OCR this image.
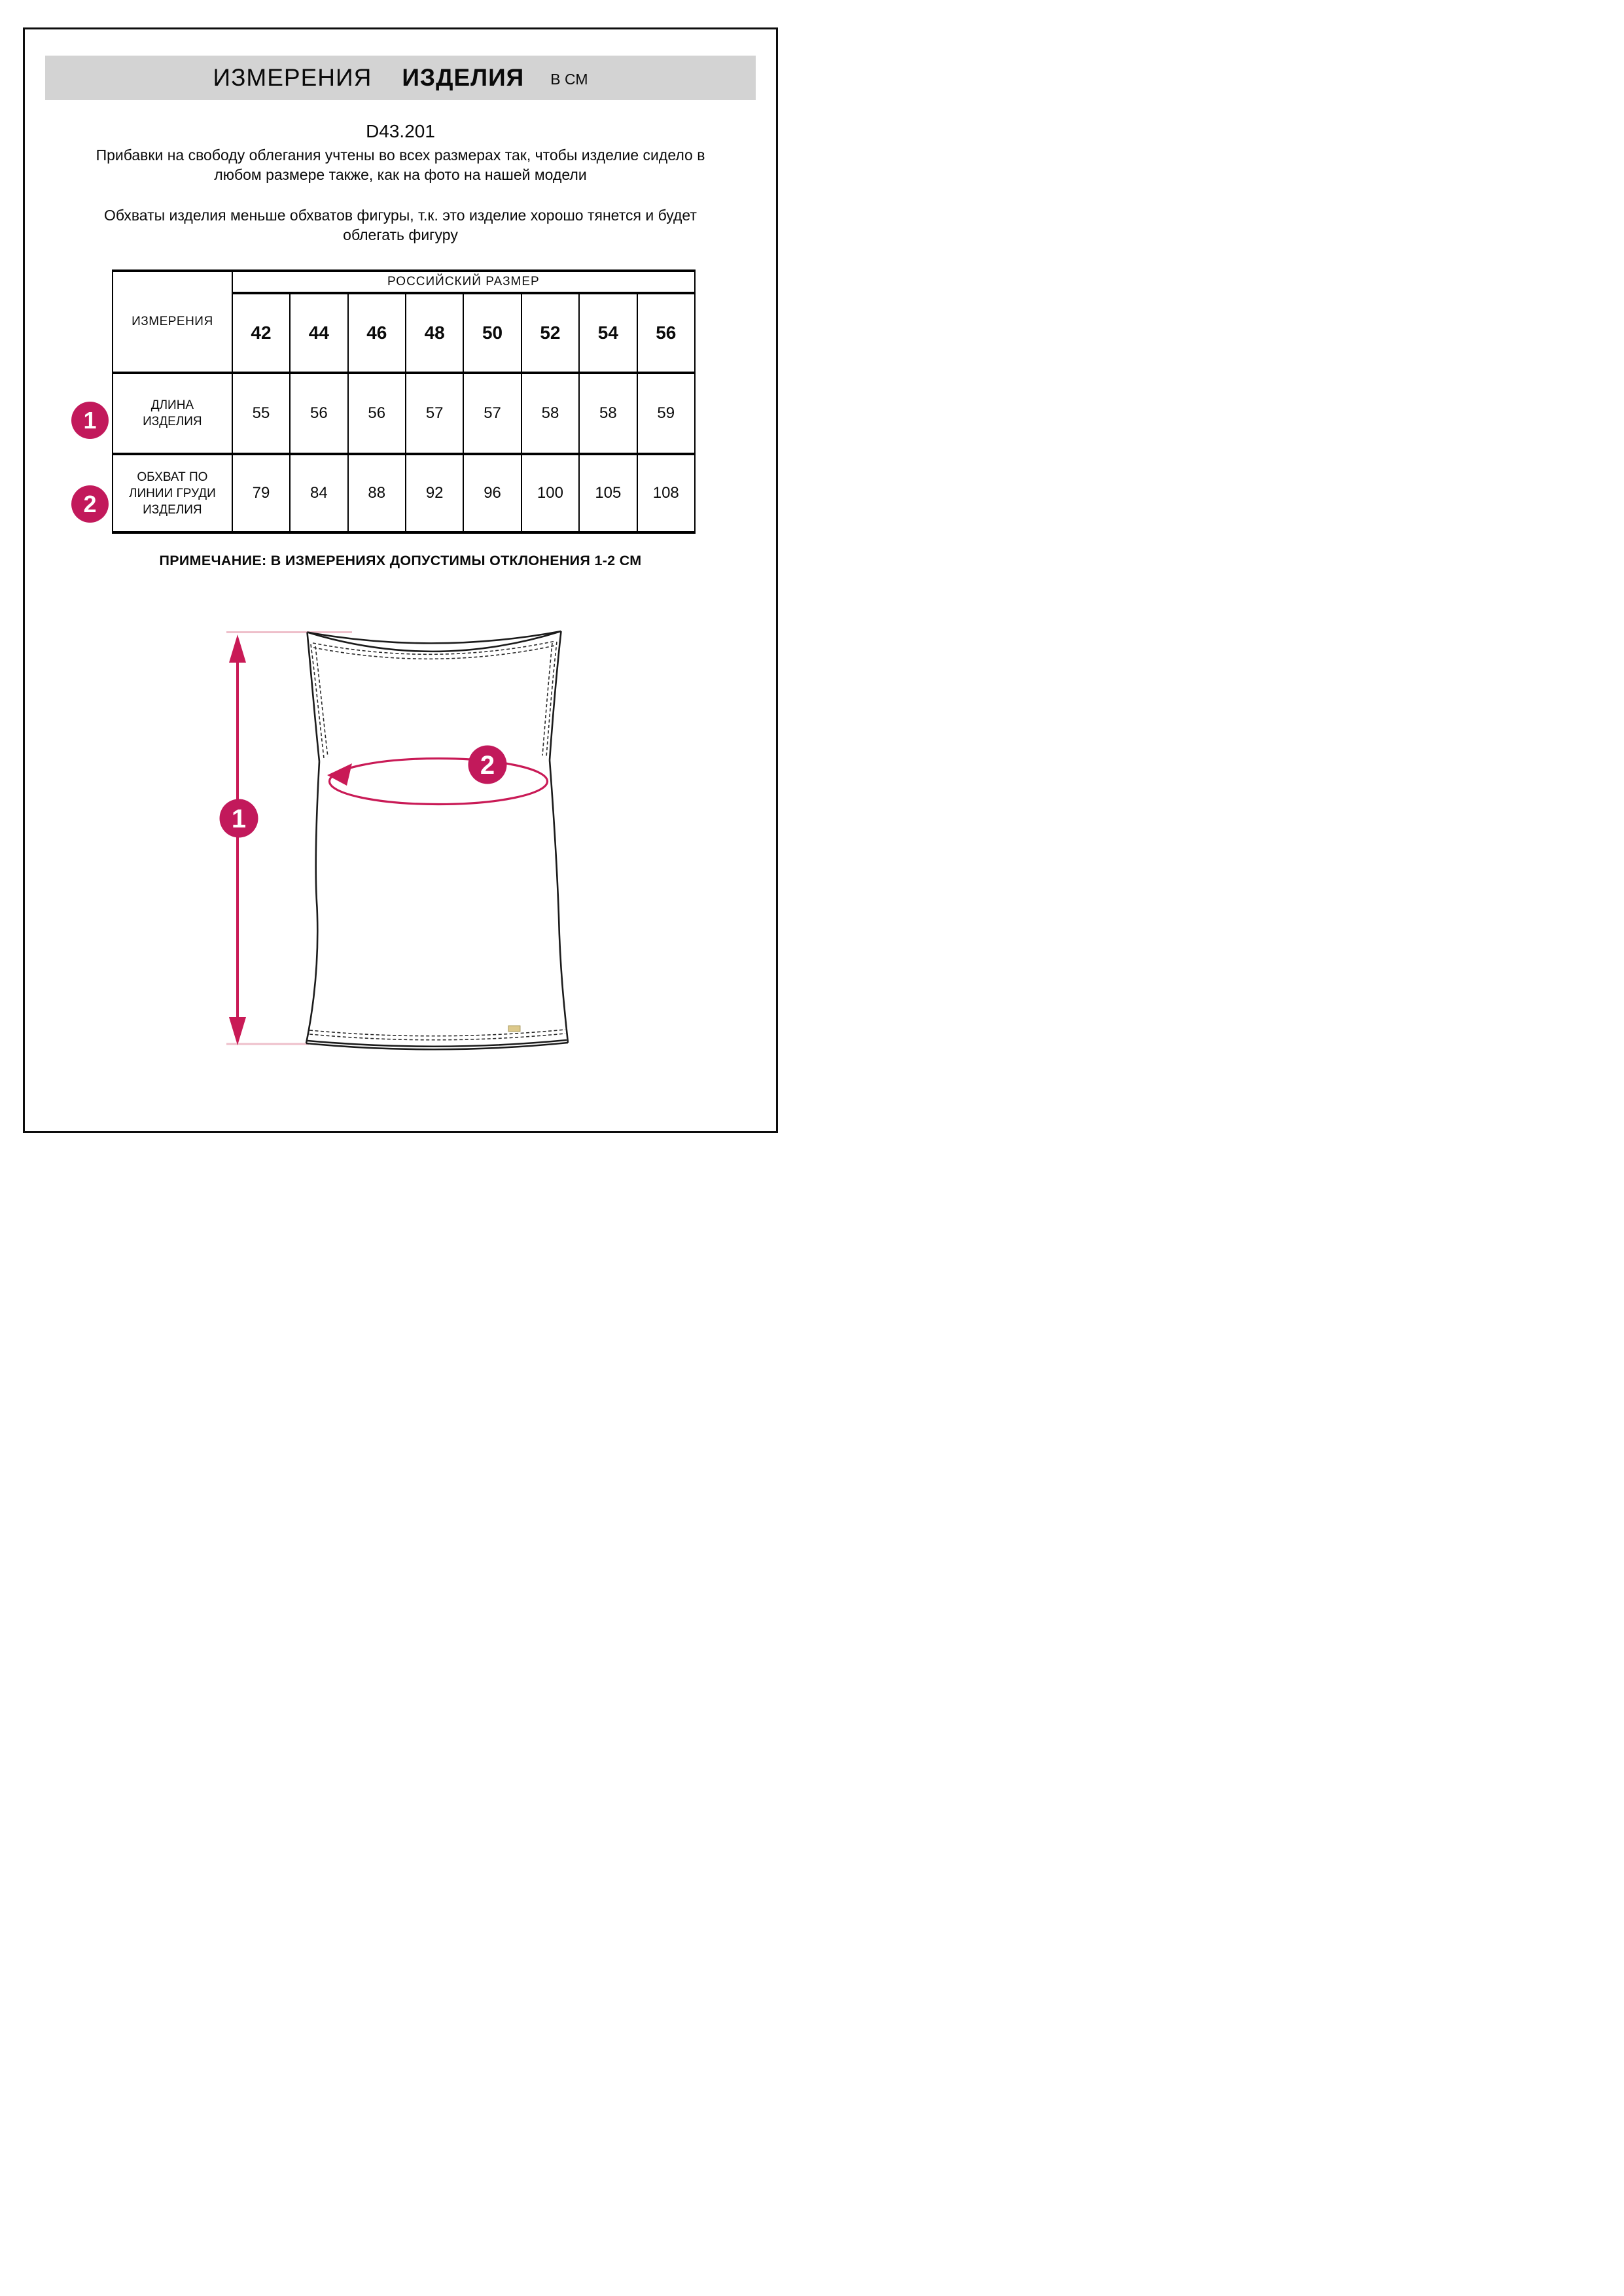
ИЗМЕРЕНИЯ ИЗДЕЛИЯ В СМ
D43.201

Прибавки на свободу облегания учтены во всех размерах так, чтобы изделие сидело в любом размере также, как на фото на нашей модели

Обхваты изделия меньше обхватов фигуры, т.к. это изделие хорошо тянется и будет облегать фигуру

1
2
ИЗМЕРЕНИЯ	РОССИЙСКИЙ РАЗМЕР							
	42	44	46	48	50	52	54	56
ДЛИНА ИЗДЕЛИЯ	55	56	56	57	57	58	58	59
ОБХВАТ ПО ЛИНИИ ГРУДИ ИЗДЕЛИЯ	79	84	88	92	96	100	105	108
ПРИМЕЧАНИЕ: В ИЗМЕРЕНИЯХ ДОПУСТИМЫ ОТКЛОНЕНИЯ 1-2 СМ
1
2
